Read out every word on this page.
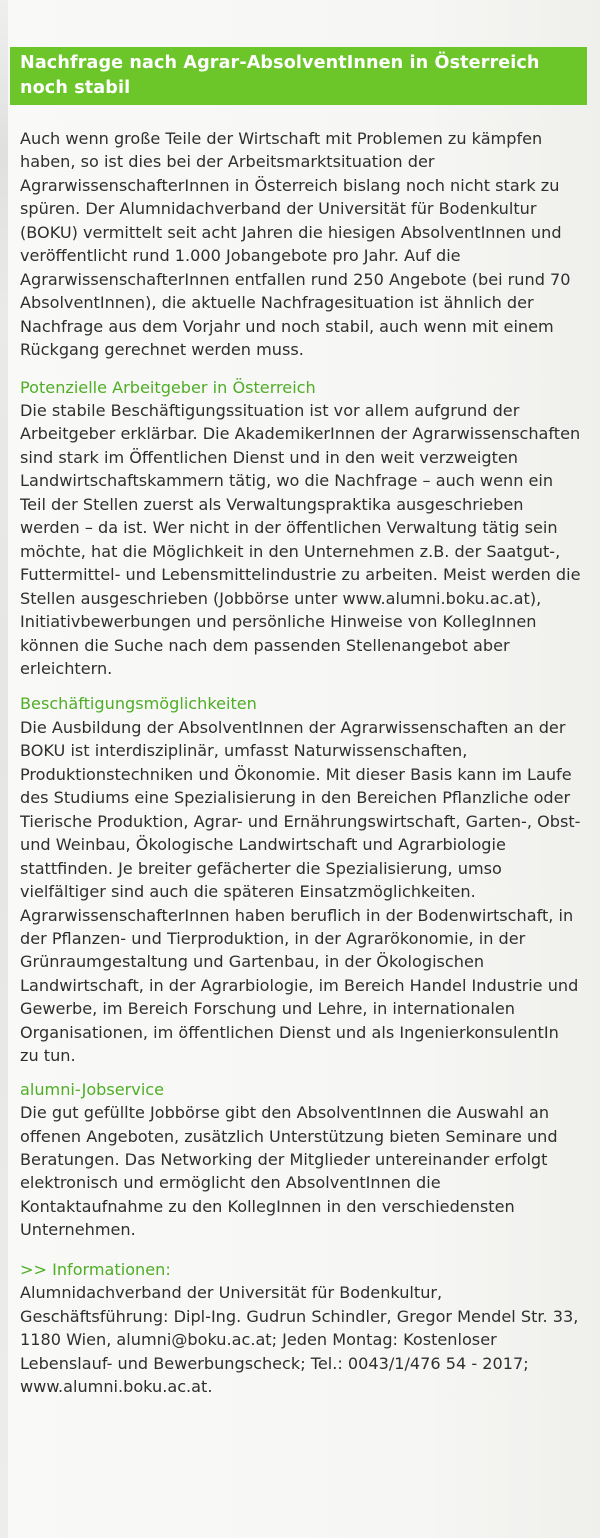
Nachfrage nach Agrar-AbsolventInnen in Österreich noch stabil

Auch wenn große Teile der Wirtschaft mit Problemen zu kämpfen haben, so ist dies bei der Arbeitsmarktsituation der AgrarwissenschafterInnen in Österreich bislang noch nicht stark zu spüren. Der Alumnidachverband der Universität für Bodenkultur (BOKU) vermittelt seit acht Jahren die hiesigen AbsolventInnen und veröffentlicht rund 1.000 Jobangebote pro Jahr. Auf die AgrarwissenschafterInnen entfallen rund 250 Angebote (bei rund 70 AbsolventInnen), die aktuelle Nachfragesituation ist ähnlich der Nachfrage aus dem Vorjahr und noch stabil, auch wenn mit einem Rückgang gerechnet werden muss.

Potenzielle Arbeitgeber in Österreich

Die stabile Beschäftigungssituation ist vor allem aufgrund der Arbeitgeber erklärbar. Die AkademikerInnen der Agrarwissenschaften sind stark im Öffentlichen Dienst und in den weit verzweigten Landwirtschaftskammern tätig, wo die Nachfrage – auch wenn ein Teil der Stellen zuerst als Verwaltungspraktika ausgeschrieben werden – da ist. Wer nicht in der öffentlichen Verwaltung tätig sein möchte, hat die Möglichkeit in den Unternehmen z.B. der Saatgut-, Futtermittel- und Lebensmittelindustrie zu arbeiten. Meist werden die Stellen ausgeschrieben (Jobbörse unter www.alumni.boku.ac.at), Initiativbewerbungen und persönliche Hinweise von KollegInnen können die Suche nach dem passenden Stellenangebot aber erleichtern.

Beschäftigungsmöglichkeiten

Die Ausbildung der AbsolventInnen der Agrarwissenschaften an der BOKU ist interdisziplinär, umfasst Naturwissenschaften, Produktionstechniken und Ökonomie. Mit dieser Basis kann im Laufe des Studiums eine Spezialisierung in den Bereichen Pflanzliche oder Tierische Produktion, Agrar- und Ernährungswirtschaft, Garten-, Obst- und Weinbau, Ökologische Landwirtschaft und Agrarbiologie stattfinden. Je breiter gefächerter die Spezialisierung, umso vielfältiger sind auch die späteren Einsatzmöglichkeiten. AgrarwissenschafterInnen haben beruflich in der Bodenwirtschaft, in der Pflanzen- und Tierproduktion, in der Agrarökonomie, in der Grünraumgestaltung und Gartenbau, in der Ökologischen Landwirtschaft, in der Agrarbiologie, im Bereich Handel Industrie und Gewerbe, im Bereich Forschung und Lehre, in internationalen Organisationen, im öffentlichen Dienst und als IngenierkonsulentIn zu tun.

alumni-Jobservice

Die gut gefüllte Jobbörse gibt den AbsolventInnen die Auswahl an offenen Angeboten, zusätzlich Unterstützung bieten Seminare und Beratungen. Das Networking der Mitglieder untereinander erfolgt elektronisch und ermöglicht den AbsolventInnen die Kontaktaufnahme zu den KollegInnen in den verschiedensten Unternehmen.

>> Informationen:

Alumnidachverband der Universität für Bodenkultur, Geschäftsführung: Dipl-Ing. Gudrun Schindler, Gregor Mendel Str. 33, 1180 Wien, alumni@boku.ac.at; Jeden Montag: Kostenloser Lebenslauf- und Bewerbungscheck; Tel.: 0043/1/476 54 - 2017; www.alumni.boku.ac.at.
